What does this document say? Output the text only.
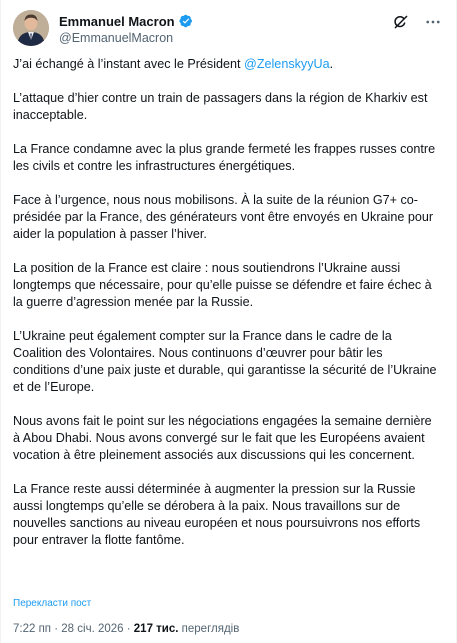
Emmanuel Macron
@EmmanuelMacron

J’ai échangé à l’instant avec le Président @ZelenskyyUa.

L’attaque d’hier contre un train de passagers dans la région de Kharkiv est inacceptable.

La France condamne avec la plus grande fermeté les frappes russes contre les civils et contre les infrastructures énergétiques.

Face à l’urgence, nous nous mobilisons. À la suite de la réunion G7+ co-présidée par la France, des générateurs vont être envoyés en Ukraine pour aider la population à passer l’hiver.

La position de la France est claire : nous soutiendrons l’Ukraine aussi longtemps que nécessaire, pour qu’elle puisse se défendre et faire échec à la guerre d’agression menée par la Russie.

L’Ukraine peut également compter sur la France dans le cadre de la Coalition des Volontaires. Nous continuons d’œuvrer pour bâtir les conditions d’une paix juste et durable, qui garantisse la sécurité de l’Ukraine et de l’Europe.

Nous avons fait le point sur les négociations engagées la semaine dernière à Abou Dhabi. Nous avons convergé sur le fait que les Européens avaient vocation à être pleinement associés aux discussions qui les concernent.

La France reste aussi déterminée à augmenter la pression sur la Russie aussi longtemps qu’elle se dérobera à la paix. Nous travaillons sur de nouvelles sanctions au niveau européen et nous poursuivrons nos efforts pour entraver la flotte fantôme.

Перекласти пост
7:22 пп · 28 січ. 2026 · 217 тис. переглядів
